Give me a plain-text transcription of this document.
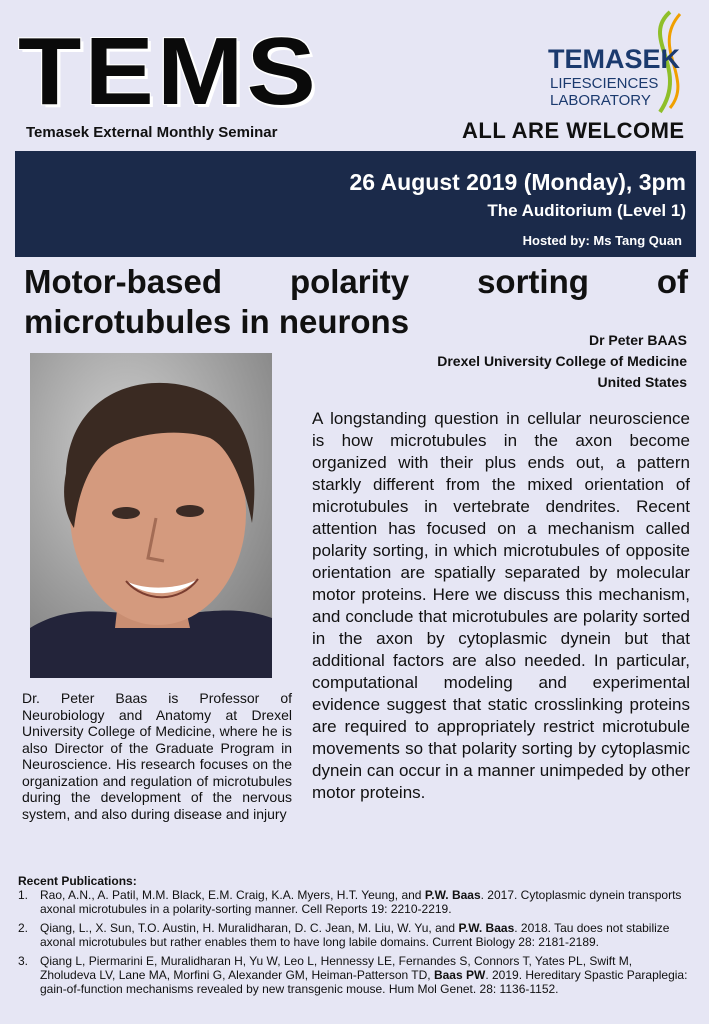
TEMS
Temasek External Monthly Seminar
TEMASEK
LIFESCIENCES
LABORATORY
ALL ARE WELCOME
26 August 2019 (Monday), 3pm
The Auditorium (Level 1)
Hosted by: Ms Tang Quan
Motor-based polarity sorting of
microtubules in neurons	Dr Peter BAAS
Drexel University College of Medicine
United States
A longstanding question in cellular neuroscience is how microtubules in the axon become organized with their plus ends out, a pattern starkly different from the mixed orientation of microtubules in vertebrate dendrites. Recent attention has focused on a mechanism called polarity sorting, in which microtubules of opposite orientation are spatially separated by molecular motor proteins. Here we discuss this mechanism, and conclude that microtubules are polarity sorted in the axon by cytoplasmic dynein but that additional factors are also needed. In particular, computational modeling and experimental evidence suggest that static crosslinking proteins are required to appropriately restrict microtubule movements so that polarity sorting by cytoplasmic dynein can occur in a manner unimpeded by other motor proteins.
Dr. Peter Baas is Professor of Neurobiology and Anatomy at Drexel University College of Medicine, where he is also Director of the Graduate Program in Neuroscience. His research focuses on the organization and regulation of microtubules during the development of the nervous system, and also during disease and injury
Recent Publications:
1. Rao, A.N., A. Patil, M.M. Black, E.M. Craig, K.A. Myers, H.T. Yeung, and P.W. Baas. 2017. Cytoplasmic dynein transports axonal microtubules in a polarity-sorting manner. Cell Reports 19: 2210-2219.
2. Qiang, L., X. Sun, T.O. Austin, H. Muralidharan, D. C. Jean, M. Liu, W. Yu, and P.W. Baas. 2018. Tau does not stabilize axonal microtubules but rather enables them to have long labile domains. Current Biology 28: 2181-2189.
3. Qiang L, Piermarini E, Muralidharan H, Yu W, Leo L, Hennessy LE, Fernandes S, Connors T, Yates PL, Swift M, Zholudeva LV, Lane MA, Morfini G, Alexander GM, Heiman-Patterson TD, Baas PW. 2019. Hereditary Spastic Paraplegia: gain-of-function mechanisms revealed by new transgenic mouse. Hum Mol Genet. 28: 1136-1152.
